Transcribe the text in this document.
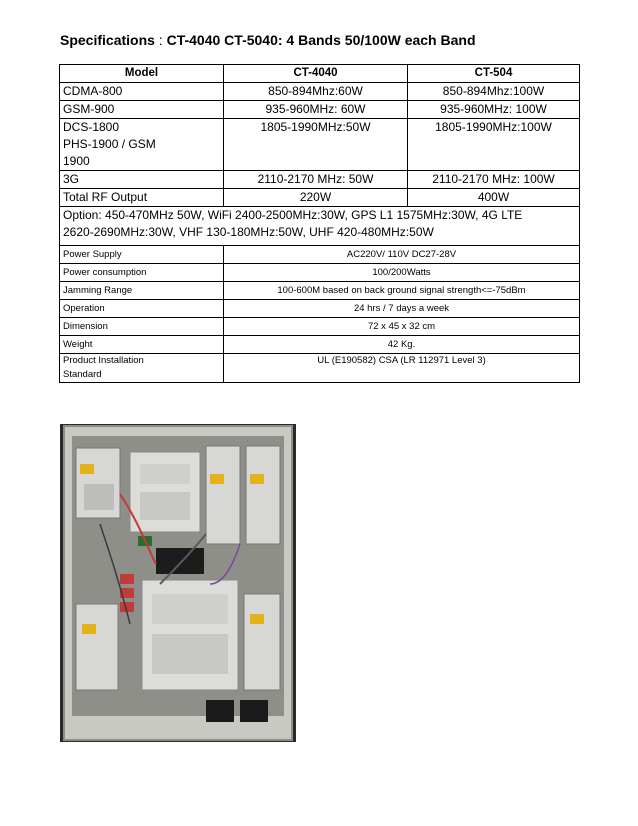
Specifications : CT-4040 CT-5040: 4 Bands 50/100W each Band
Model	CT-4040	CT-504
CDMA-800	850-894Mhz:60W	850-894Mhz:100W
GSM-900	935-960MHz: 60W	935-960MHz: 100W

DCS-1800
PHS-1900 / GSM
1900	1805-1990MHz:50W	1805-1990MHz:100W
3G	2110-2170 MHz: 50W	2110-2170 MHz: 100W
Total RF Output	220W	400W

Option: 450-470MHz 50W, WiFi 2400-2500MHz:30W, GPS L1 1575MHz:30W, 4G LTE
2620-2690MHz:30W, VHF 130-180MHz:50W, UHF 420-480MHz:50W		

Power Supply	AC220V/ 110V DC27-28V	
Power consumption	100/200Watts	
Jamming Range	100-600M based on back ground signal strength<=-75dBm	
Operation	24 hrs / 7 days a week	
Dimension	72 x 45 x 32 cm	
Weight	42 Kg.	

Product Installation
Standard	UL (E190582) CSA (LR 112971 Level 3)	
